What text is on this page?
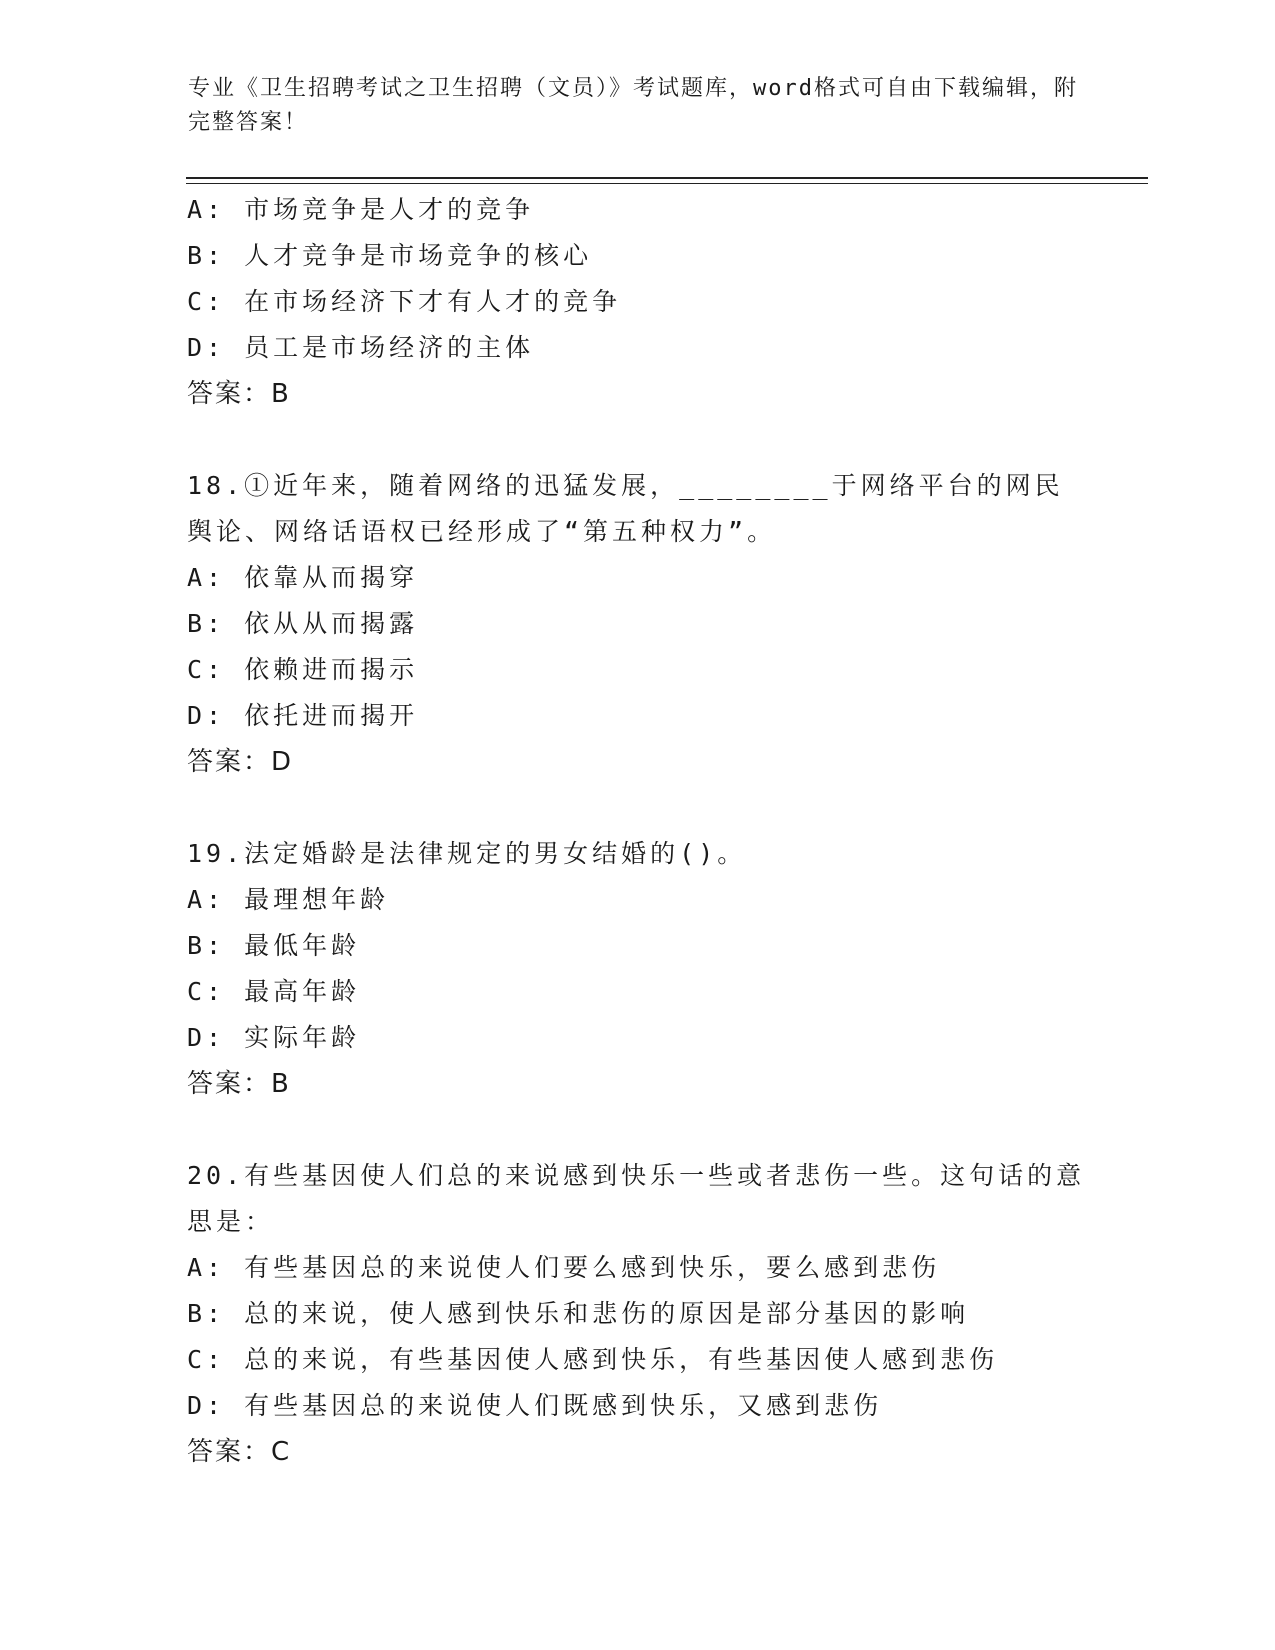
专业《卫生招聘考试之卫生招聘（文员）》考试题库，word格式可自由下载编辑，附完整答案！
A: 市场竞争是人才的竞争
B: 人才竞争是市场竞争的核心
C: 在市场经济下才有人才的竞争
D: 员工是市场经济的主体
答案：B
18.①近年来，随着网络的迅猛发展，________于网络平台的网民舆论、网络话语权已经形成了“第五种权力”。
A: 依靠从而揭穿
B: 依从从而揭露
C: 依赖进而揭示
D: 依托进而揭开
答案：D
19.法定婚龄是法律规定的男女结婚的()。
A: 最理想年龄
B: 最低年龄
C: 最高年龄
D: 实际年龄
答案：B
20.有些基因使人们总的来说感到快乐一些或者悲伤一些。这句话的意思是：
A: 有些基因总的来说使人们要么感到快乐，要么感到悲伤
B: 总的来说，使人感到快乐和悲伤的原因是部分基因的影响
C: 总的来说，有些基因使人感到快乐，有些基因使人感到悲伤
D: 有些基因总的来说使人们既感到快乐，又感到悲伤
答案：C
